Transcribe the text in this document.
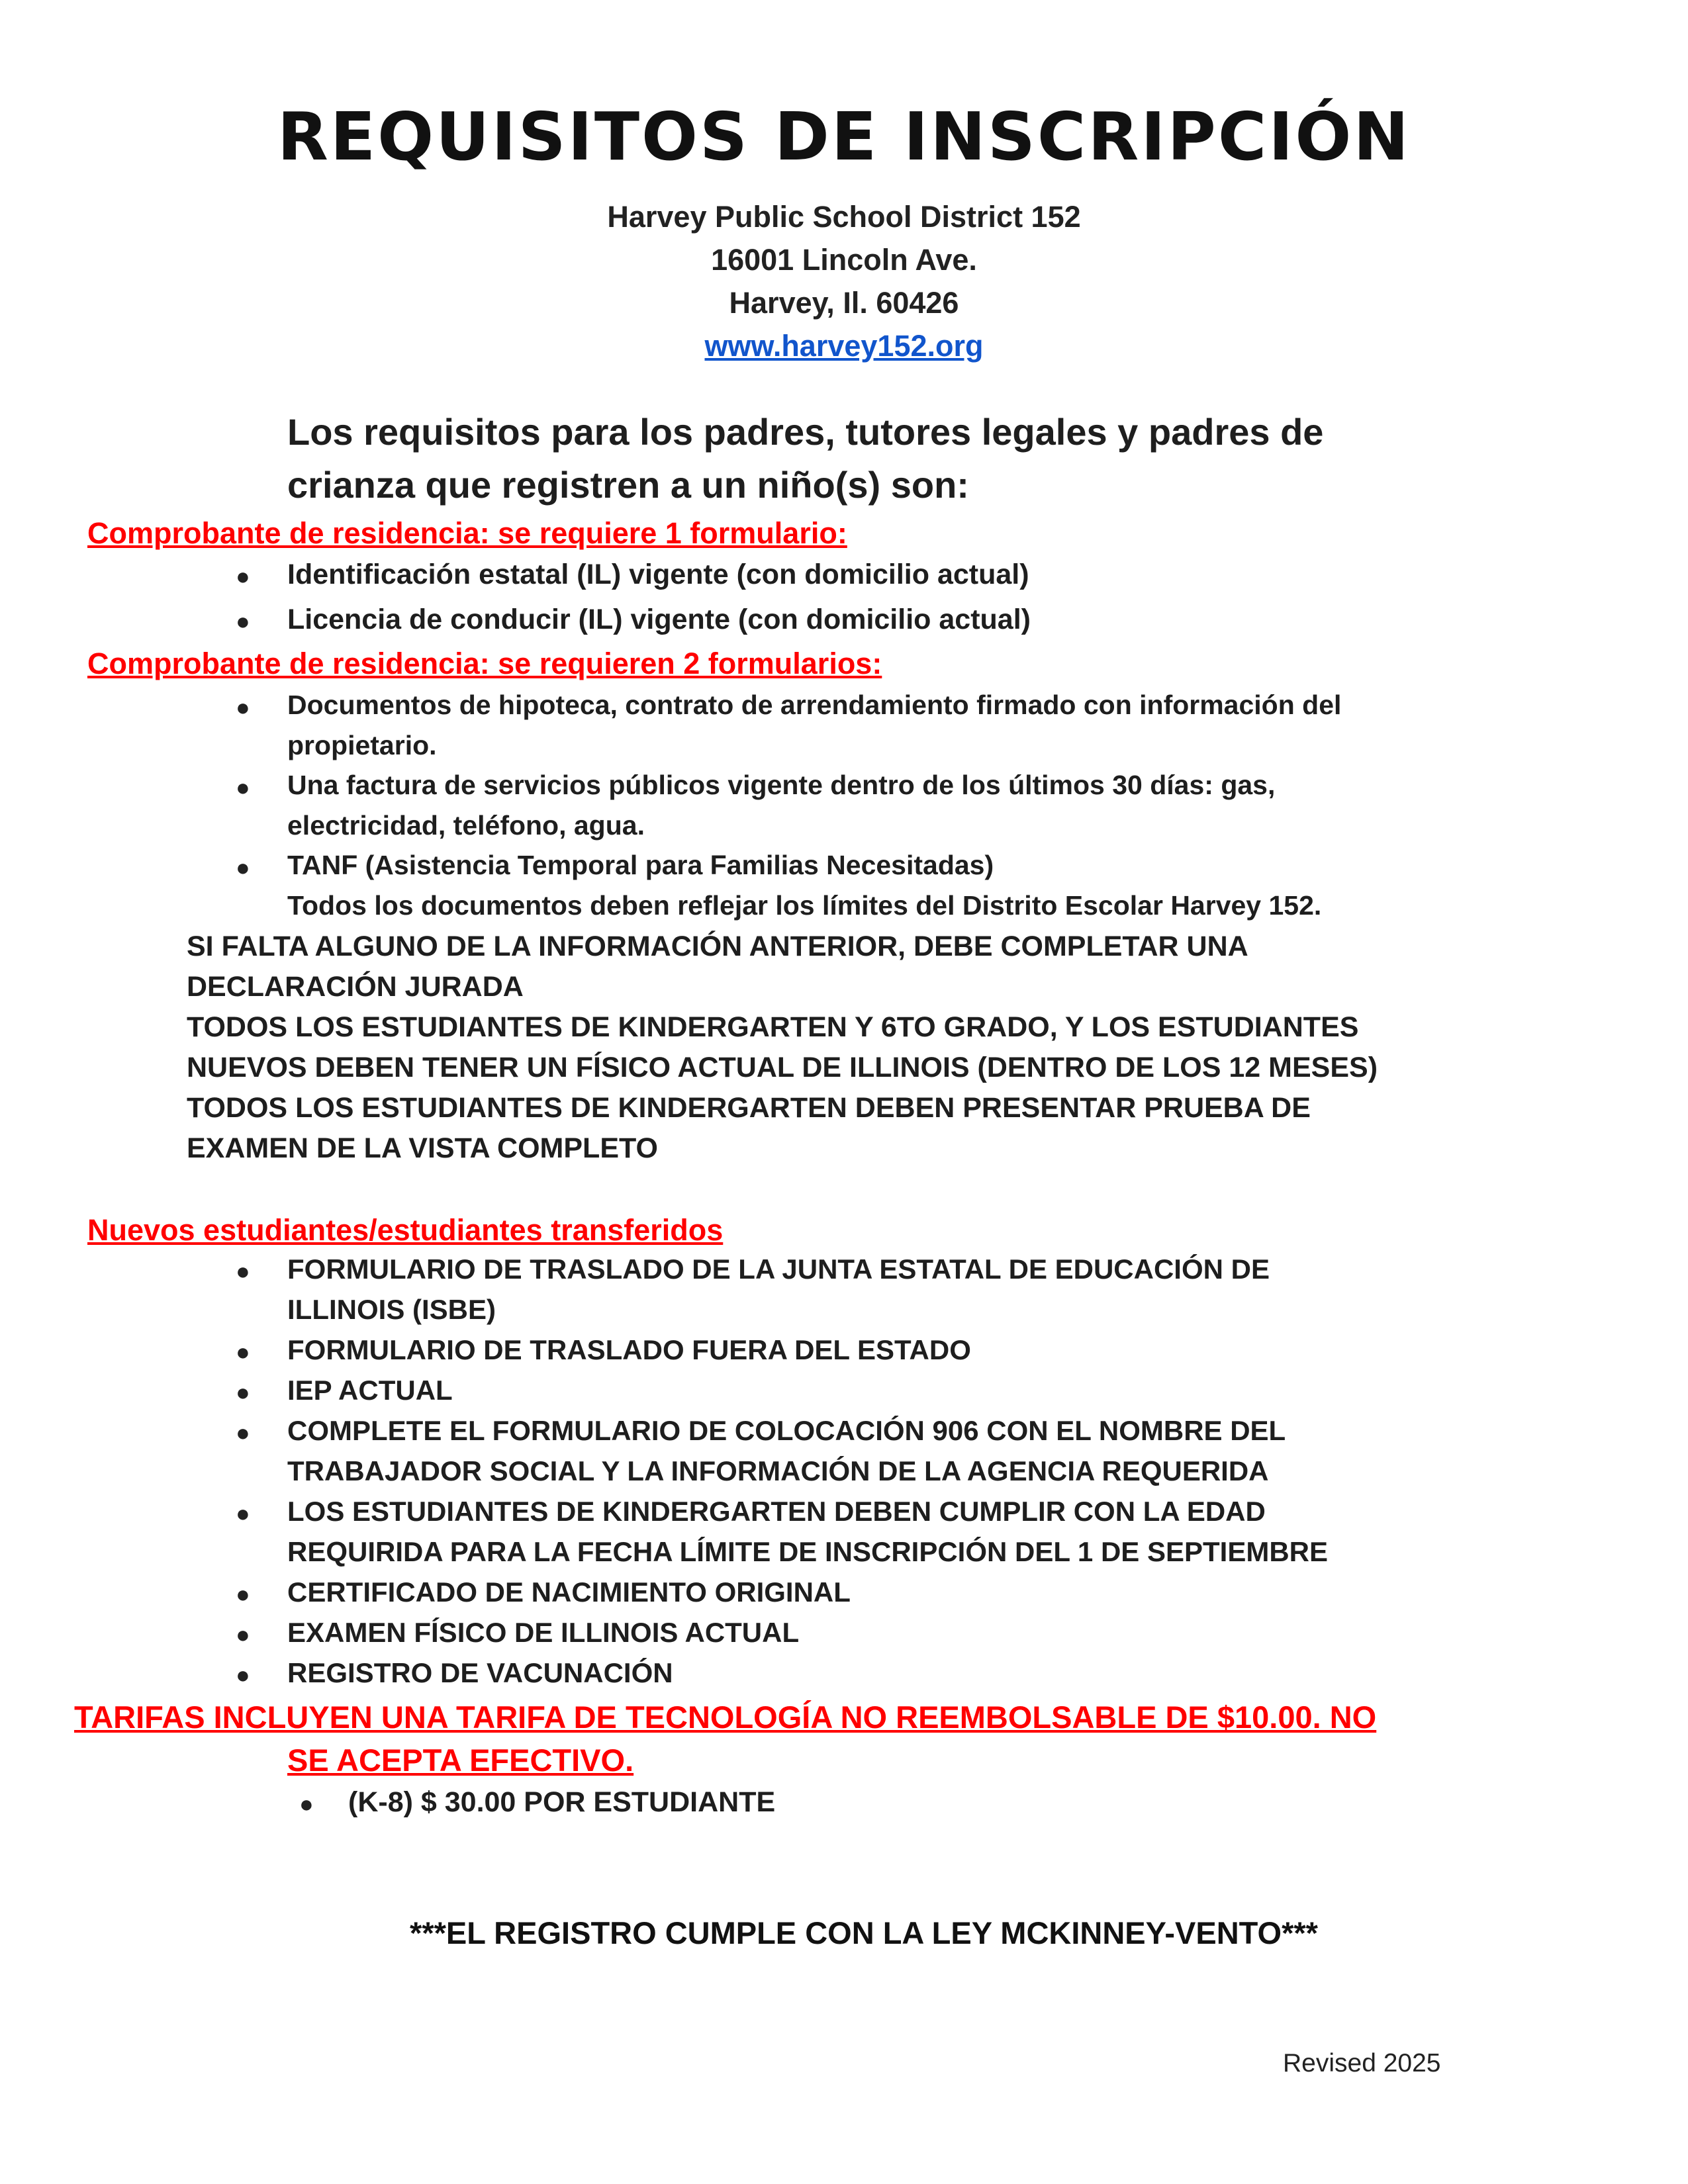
REQUISITOS DE INSCRIPCIÓN

Harvey Public School District 152

16001 Lincoln Ave.

Harvey, Il. 60426

www.harvey152.org

Los requisitos para los padres, tutores legales y padres de

crianza que registren a un niño(s) son:

Comprobante de residencia: se requiere 1 formulario:

● Identificación estatal (IL) vigente (con domicilio actual)

● Licencia de conducir (IL) vigente (con domicilio actual)

Comprobante de residencia: se requieren 2 formularios:

● Documentos de hipoteca, contrato de arrendamiento firmado con información del

propietario.

● Una factura de servicios públicos vigente dentro de los últimos 30 días: gas,

electricidad, teléfono, agua.

● TANF (Asistencia Temporal para Familias Necesitadas)

Todos los documentos deben reflejar los límites del Distrito Escolar Harvey 152.

SI FALTA ALGUNO DE LA INFORMACIÓN ANTERIOR, DEBE COMPLETAR UNA

DECLARACIÓN JURADA

TODOS LOS ESTUDIANTES DE KINDERGARTEN Y 6TO GRADO, Y LOS ESTUDIANTES

NUEVOS DEBEN TENER UN FÍSICO ACTUAL DE ILLINOIS (DENTRO DE LOS 12 MESES)

TODOS LOS ESTUDIANTES DE KINDERGARTEN DEBEN PRESENTAR PRUEBA DE

EXAMEN DE LA VISTA COMPLETO

Nuevos estudiantes/estudiantes transferidos

● FORMULARIO DE TRASLADO DE LA JUNTA ESTATAL DE EDUCACIÓN DE

ILLINOIS (ISBE)

● FORMULARIO DE TRASLADO FUERA DEL ESTADO

● IEP ACTUAL

● COMPLETE EL FORMULARIO DE COLOCACIÓN 906 CON EL NOMBRE DEL

TRABAJADOR SOCIAL Y LA INFORMACIÓN DE LA AGENCIA REQUERIDA

● LOS ESTUDIANTES DE KINDERGARTEN DEBEN CUMPLIR CON LA EDAD

REQUIRIDA PARA LA FECHA LÍMITE DE INSCRIPCIÓN DEL 1 DE SEPTIEMBRE

● CERTIFICADO DE NACIMIENTO ORIGINAL

● EXAMEN FÍSICO DE ILLINOIS ACTUAL

● REGISTRO DE VACUNACIÓN

TARIFAS INCLUYEN UNA TARIFA DE TECNOLOGÍA NO REEMBOLSABLE DE $10.00. NO

SE ACEPTA EFECTIVO.

● (K-8) $ 30.00 POR ESTUDIANTE

***EL REGISTRO CUMPLE CON LA LEY MCKINNEY-VENTO***

Revised 2025
